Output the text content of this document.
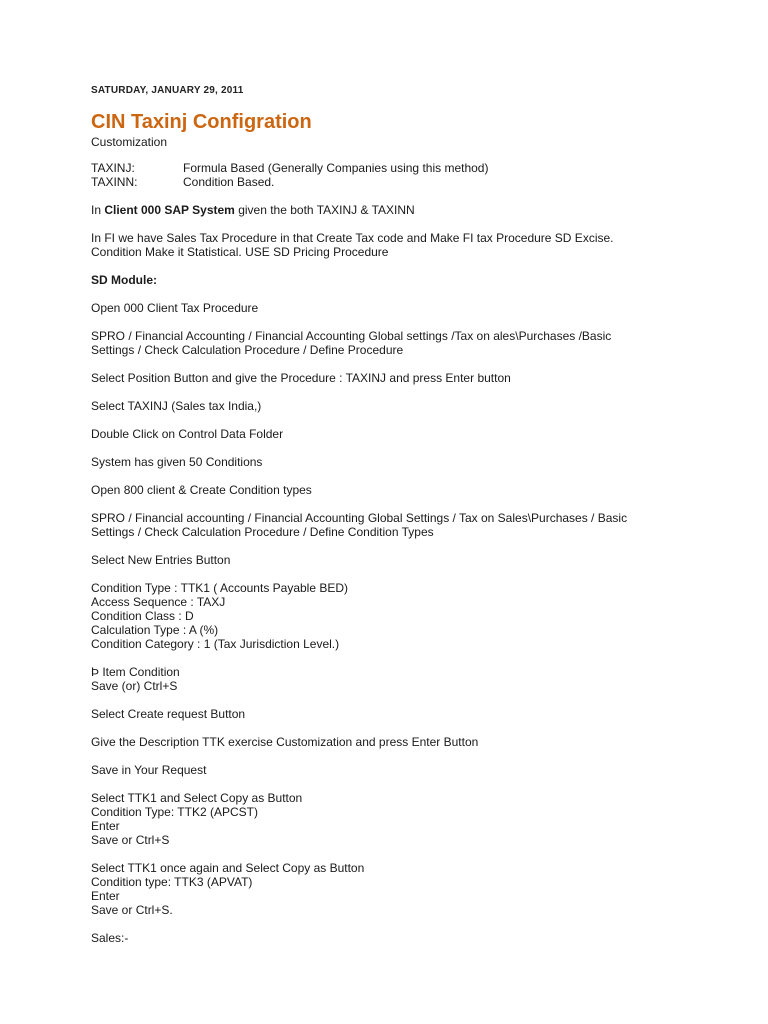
SATURDAY, JANUARY 29, 2011
CIN Taxinj Configration
Customization
TAXINJ:	Formula Based (Generally Companies using this method)
TAXINN:	Condition Based.
In Client 000 SAP System given the both TAXINJ & TAXINN
In FI we have Sales Tax Procedure in that Create Tax code and Make FI tax Procedure SD Excise.
Condition Make it Statistical. USE SD Pricing Procedure
SD Module:
Open 000 Client Tax Procedure
SPRO / Financial Accounting / Financial Accounting Global settings /Tax on ales\Purchases /Basic
Settings / Check Calculation Procedure / Define Procedure
Select Position Button and give the Procedure : TAXINJ and press Enter button
Select TAXINJ (Sales tax India,)
Double Click on Control Data Folder
System has given 50 Conditions
Open 800 client & Create Condition types
SPRO / Financial accounting / Financial Accounting Global Settings / Tax on Sales\Purchases / Basic
Settings / Check Calculation Procedure / Define Condition Types
Select New Entries Button
Condition Type : TTK1 ( Accounts Payable BED)
Access Sequence : TAXJ
Condition Class : D
Calculation Type : A (%)
Condition Category : 1 (Tax Jurisdiction Level.)
Þ Item Condition
Save (or) Ctrl+S
Select Create request Button
Give the Description TTK exercise Customization and press Enter Button
Save in Your Request
Select TTK1 and Select Copy as Button
Condition Type: TTK2 (APCST)
Enter
Save or Ctrl+S
Select TTK1 once again and Select Copy as Button
Condition type: TTK3 (APVAT)
Enter
Save or Ctrl+S.
Sales:-
